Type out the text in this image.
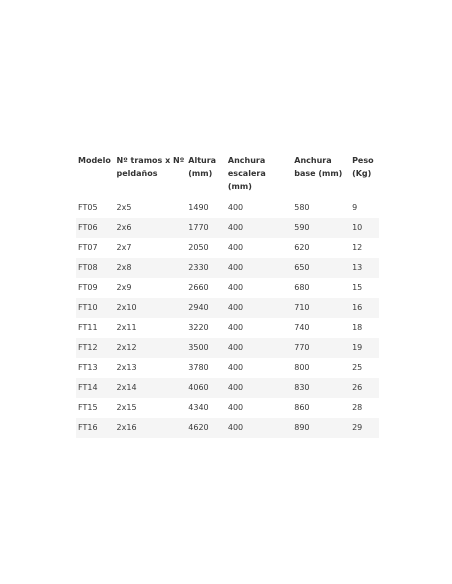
Modelo	Nº tramos x Nº peldaños	Altura (mm)	Anchura escalera (mm)	Anchura base (mm)	Peso (Kg)
FT05	2x5	1490	400	580	9
FT06	2x6	1770	400	590	10
FT07	2x7	2050	400	620	12
FT08	2x8	2330	400	650	13
FT09	2x9	2660	400	680	15
FT10	2x10	2940	400	710	16
FT11	2x11	3220	400	740	18
FT12	2x12	3500	400	770	19
FT13	2x13	3780	400	800	25
FT14	2x14	4060	400	830	26
FT15	2x15	4340	400	860	28
FT16	2x16	4620	400	890	29
